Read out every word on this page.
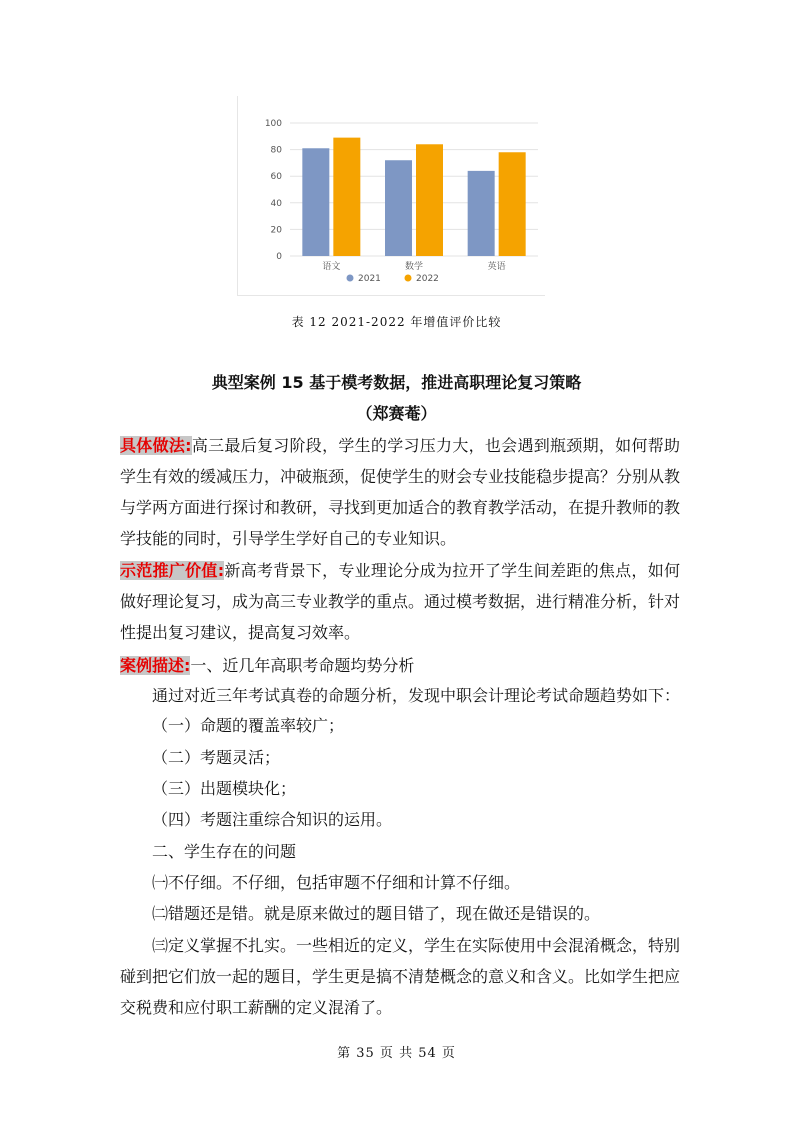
0
20
40
60
80
100
语文	数学	英语
2021	2022
表 12 2021-2022 年增值评价比较
典型案例 15 基于模考数据，推进高职理论复习策略
（郑赛菴）
具体做法:高三最后复习阶段，学生的学习压力大，也会遇到瓶颈期，如何帮助学生有效的缓减压力，冲破瓶颈，促使学生的财会专业技能稳步提高？分别从教与学两方面进行探讨和教研，寻找到更加适合的教育教学活动，在提升教师的教学技能的同时，引导学生学好自己的专业知识。
示范推广价值:新高考背景下，专业理论分成为拉开了学生间差距的焦点，如何做好理论复习，成为高三专业教学的重点。通过模考数据，进行精准分析，针对性提出复习建议，提高复习效率。
案例描述:一、近几年高职考命题均势分析
通过对近三年考试真卷的命题分析，发现中职会计理论考试命题趋势如下：
（一）命题的覆盖率较广；
（二）考题灵活；
（三）出题模块化；
（四）考题注重综合知识的运用。
二、学生存在的问题
㈠不仔细。不仔细，包括审题不仔细和计算不仔细。
㈡错题还是错。就是原来做过的题目错了，现在做还是错误的。
㈢定义掌握不扎实。一些相近的定义，学生在实际使用中会混淆概念，特别碰到把它们放一起的题目，学生更是搞不清楚概念的意义和含义。比如学生把应交税费和应付职工薪酬的定义混淆了。
第 35 页 共 54 页
